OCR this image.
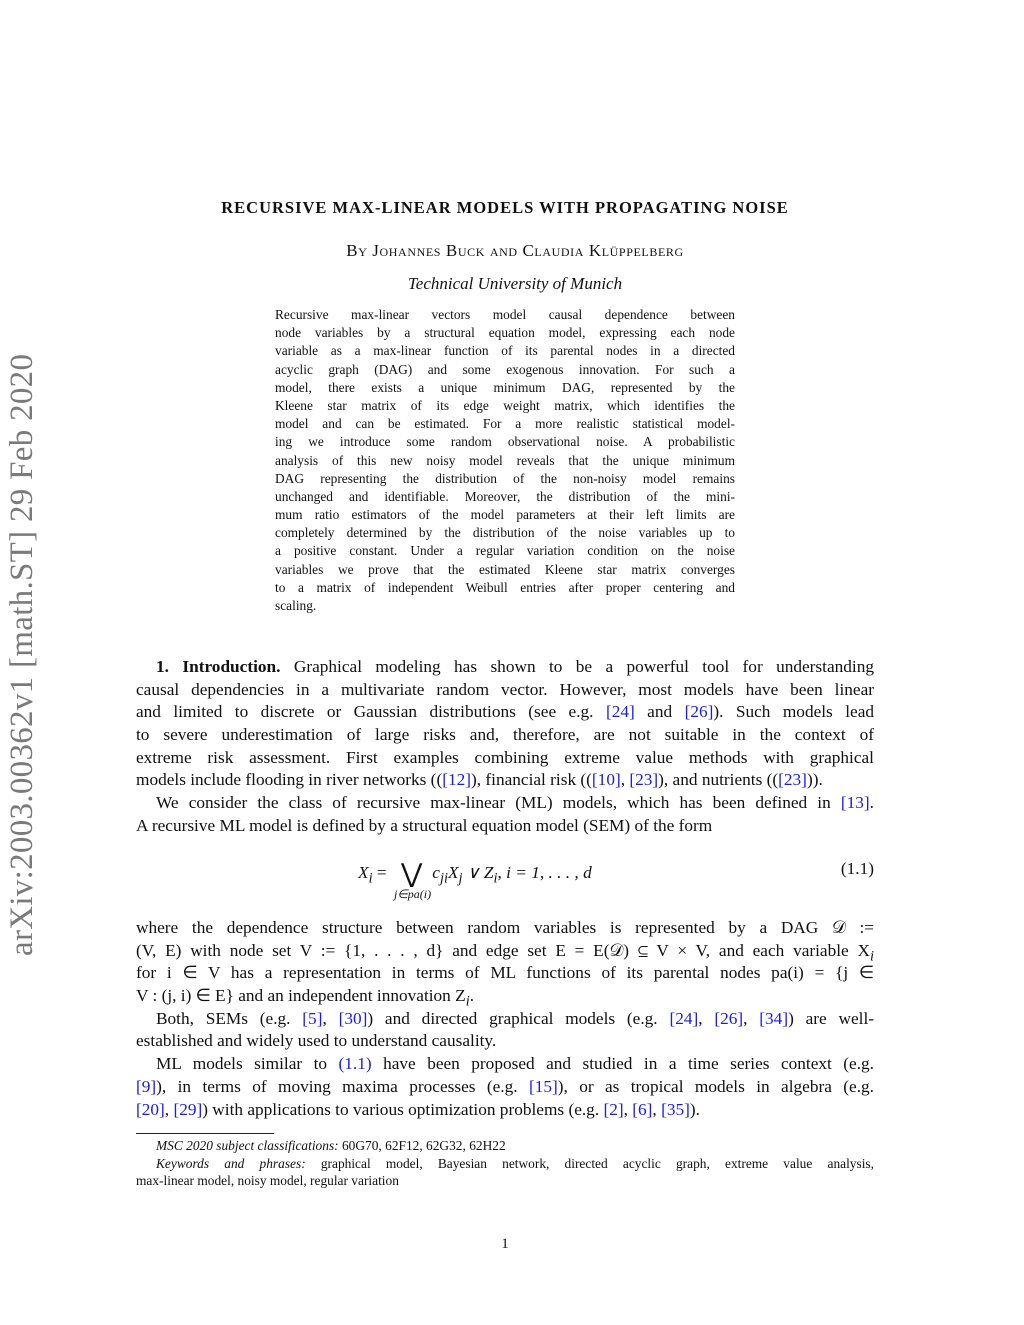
arXiv:2003.00362v1 [math.ST] 29 Feb 2020
RECURSIVE MAX-LINEAR MODELS WITH PROPAGATING NOISE
By Johannes Buck and Claudia Klüppelberg
Technical University of Munich
Recursive max-linear vectors model causal dependence between
node variables by a structural equation model, expressing each node
variable as a max-linear function of its parental nodes in a directed
acyclic graph (DAG) and some exogenous innovation. For such a
model, there exists a unique minimum DAG, represented by the
Kleene star matrix of its edge weight matrix, which identifies the
model and can be estimated. For a more realistic statistical model-
ing we introduce some random observational noise. A probabilistic
analysis of this new noisy model reveals that the unique minimum
DAG representing the distribution of the non-noisy model remains
unchanged and identifiable. Moreover, the distribution of the mini-
mum ratio estimators of the model parameters at their left limits are
completely determined by the distribution of the noise variables up to
a positive constant. Under a regular variation condition on the noise
variables we prove that the estimated Kleene star matrix converges
to a matrix of independent Weibull entries after proper centering and
scaling.
1. Introduction. Graphical modeling has shown to be a powerful tool for understanding
causal dependencies in a multivariate random vector. However, most models have been linear
and limited to discrete or Gaussian distributions (see e.g. [24] and [26]). Such models lead
to severe underestimation of large risks and, therefore, are not suitable in the context of
extreme risk assessment. First examples combining extreme value methods with graphical
models include flooding in river networks (([12]), financial risk (([10], [23]), and nutrients (([23])).
We consider the class of recursive max-linear (ML) models, which has been defined in [13].
A recursive ML model is defined by a structural equation model (SEM) of the form
$X_i$ = ⋁ $c_{ji}X_j$ ∨ $Z_i$, i = 1, . . . , d
j∈pa(i)
(1.1)
where the dependence structure between random variables is represented by a DAG 𝒟 :=
(V, E) with node set V := {1, . . . , d} and edge set E = E(𝒟) ⊆ V × V, and each variable $X_i$
for i ∈ V has a representation in terms of ML functions of its parental nodes pa(i) = {j ∈
V : (j, i) ∈ E} and an independent innovation $Z_i$.
Both, SEMs (e.g. [5], [30]) and directed graphical models (e.g. [24], [26], [34]) are well-
established and widely used to understand causality.
ML models similar to (1.1) have been proposed and studied in a time series context (e.g.
[9]), in terms of moving maxima processes (e.g. [15]), or as tropical models in algebra (e.g.
[20], [29]) with applications to various optimization problems (e.g. [2], [6], [35]).
MSC 2020 subject classifications: 60G70, 62F12, 62G32, 62H22
Keywords and phrases: graphical model, Bayesian network, directed acyclic graph, extreme value analysis,
max-linear model, noisy model, regular variation
1
